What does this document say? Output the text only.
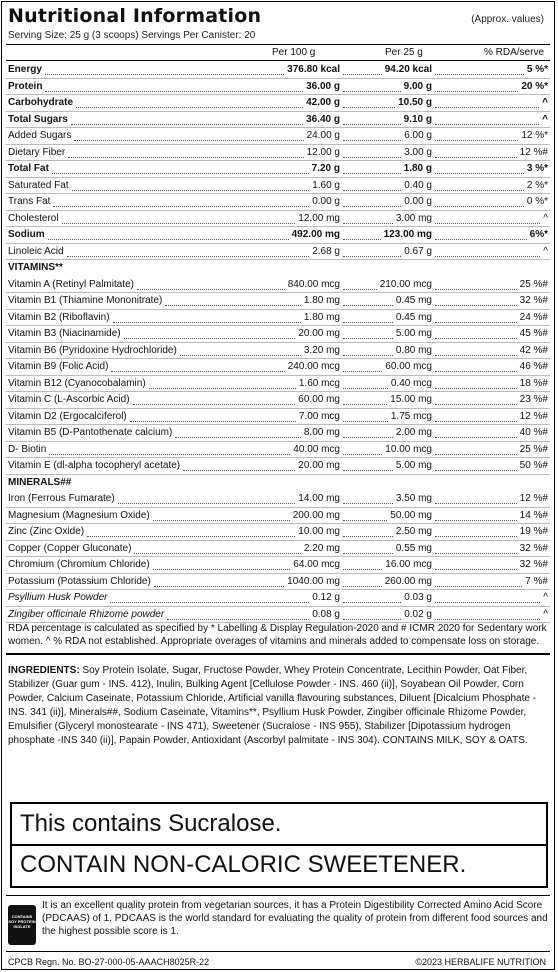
Nutritional Information	(Approx. values)
Serving Size: 25 g (3 scoops) Servings Per Canister: 20
Per 100 g	Per 25 g	% RDA/serve
Energy	376.80 kcal	94.20 kcal	5 %*
Protein	36.00 g	9.00 g	20 %*
Carbohydrate	42.00 g	10.50 g	^
Total Sugars	36.40 g	9.10 g	^
Added Sugars	24.00 g	6.00 g	12 %*
Dietary Fiber	12.00 g	3.00 g	12 %#
Total Fat	7.20 g	1.80 g	3 %*
Saturated Fat	1.60 g	0.40 g	2 %*
Trans Fat	0.00 g	0.00 g	0 %*
Cholesterol	12.00 mg	3.00 mg	^
Sodium	492.00 mg	123.00 mg	6%*
Linoleic Acid	2.68 g	0.67 g	^
VITAMINS**
Vitamin A (Retinyl Palmitate)	840.00 mcg	210.00 mcg	25 %#
Vitamin B1 (Thiamine Mononitrate)	1.80 mg	0.45 mg	32 %#
Vitamin B2 (Riboflavin)	1.80 mg	0.45 mg	24 %#
Vitamin B3 (Niacinamide)	20.00 mg	5.00 mg	45 %#
Vitamin B6 (Pyridoxine Hydrochloride)	3.20 mg	0.80 mg	42 %#
Vitamin B9 (Folic Acid)	240.00 mcg	60.00 mcg	46 %#
Vitamin B12 (Cyanocobalamin)	1.60 mcg	0.40 mcg	18 %#
Vitamin C (L-Ascorbic Acid)	60.00 mg	15.00 mg	23 %#
Vitamin D2 (Ergocalciferol)	7.00 mcg	1.75 mcg	12 %#
Vitamin B5 (D-Pantothenate calcium)	8.00 mg	2.00 mg	40 %#
D- Biotin	40.00 mcg	10.00 mcg	25 %#
Vitamin E (dl-alpha tocopheryl acetate)	20.00 mg	5.00 mg	50 %#
MINERALS##
Iron (Ferrous Fumarate)	14.00 mg	3.50 mg	12 %#
Magnesium (Magnesium Oxide)	200.00 mg	50.00 mg	14 %#
Zinc (Zinc Oxide)	10.00 mg	2.50 mg	19 %#
Copper (Copper Gluconate)	2.20 mg	0.55 mg	32 %#
Chromium (Chromium Chloride)	64.00 mcg	16.00 mcg	32 %#
Potassium (Potassium Chloride)	1040.00 mg	260.00 mg	7 %#
Psyllium Husk Powder	0.12 g	0.03 g	^
Zingiber officinale Rhizome powder	0.08 g	0.02 g	^
RDA percentage is calculated as specified by * Labelling & Display Regulation-2020 and # ICMR 2020 for Sedentary work women. ^ % RDA not established. Appropriate overages of vitamins and minerals added to compensate loss on storage.
INGREDIENTS: Soy Protein Isolate, Sugar, Fructose Powder, Whey Protein Concentrate, Lecithin Powder, Oat Fiber, Stabilizer (Guar gum - INS. 412), Inulin, Bulking Agent [Cellulose Powder - INS. 460 (ii)], Soyabean Oil Powder, Corn Powder, Calcium Caseinate, Potassium Chloride, Artificial vanilla flavouring substances, Diluent [Dicalcium Phosphate - INS. 341 (ii)], Minerals##, Sodium Caseinate, Vitamins**, Psyllium Husk Powder, Zingiber officinale Rhizome Powder, Emulsifier (Glyceryl monostearate - INS 471), Sweetener (Sucralose - INS 955), Stabilizer [Dipotassium hydrogen phosphate -INS 340 (ii)], Papain Powder, Antioxidant (Ascorbyl palmitate - INS 304). CONTAINS MILK, SOY & OATS.
This contains Sucralose.
CONTAIN NON-CALORIC SWEETENER.
CONTAINS SOY PROTEIN ISOLATE
It is an excellent quality protein from vegetarian sources, it has a Protein Digestibility Corrected Amino Acid Score (PDCAAS) of 1. PDCAAS is the world standard for evaluating the quality of protein from different food sources and the highest possible score is 1.
CPCB Regn. No. BO-27-000-05-AAACH8025R-22	©2023 HERBALIFE NUTRITION
